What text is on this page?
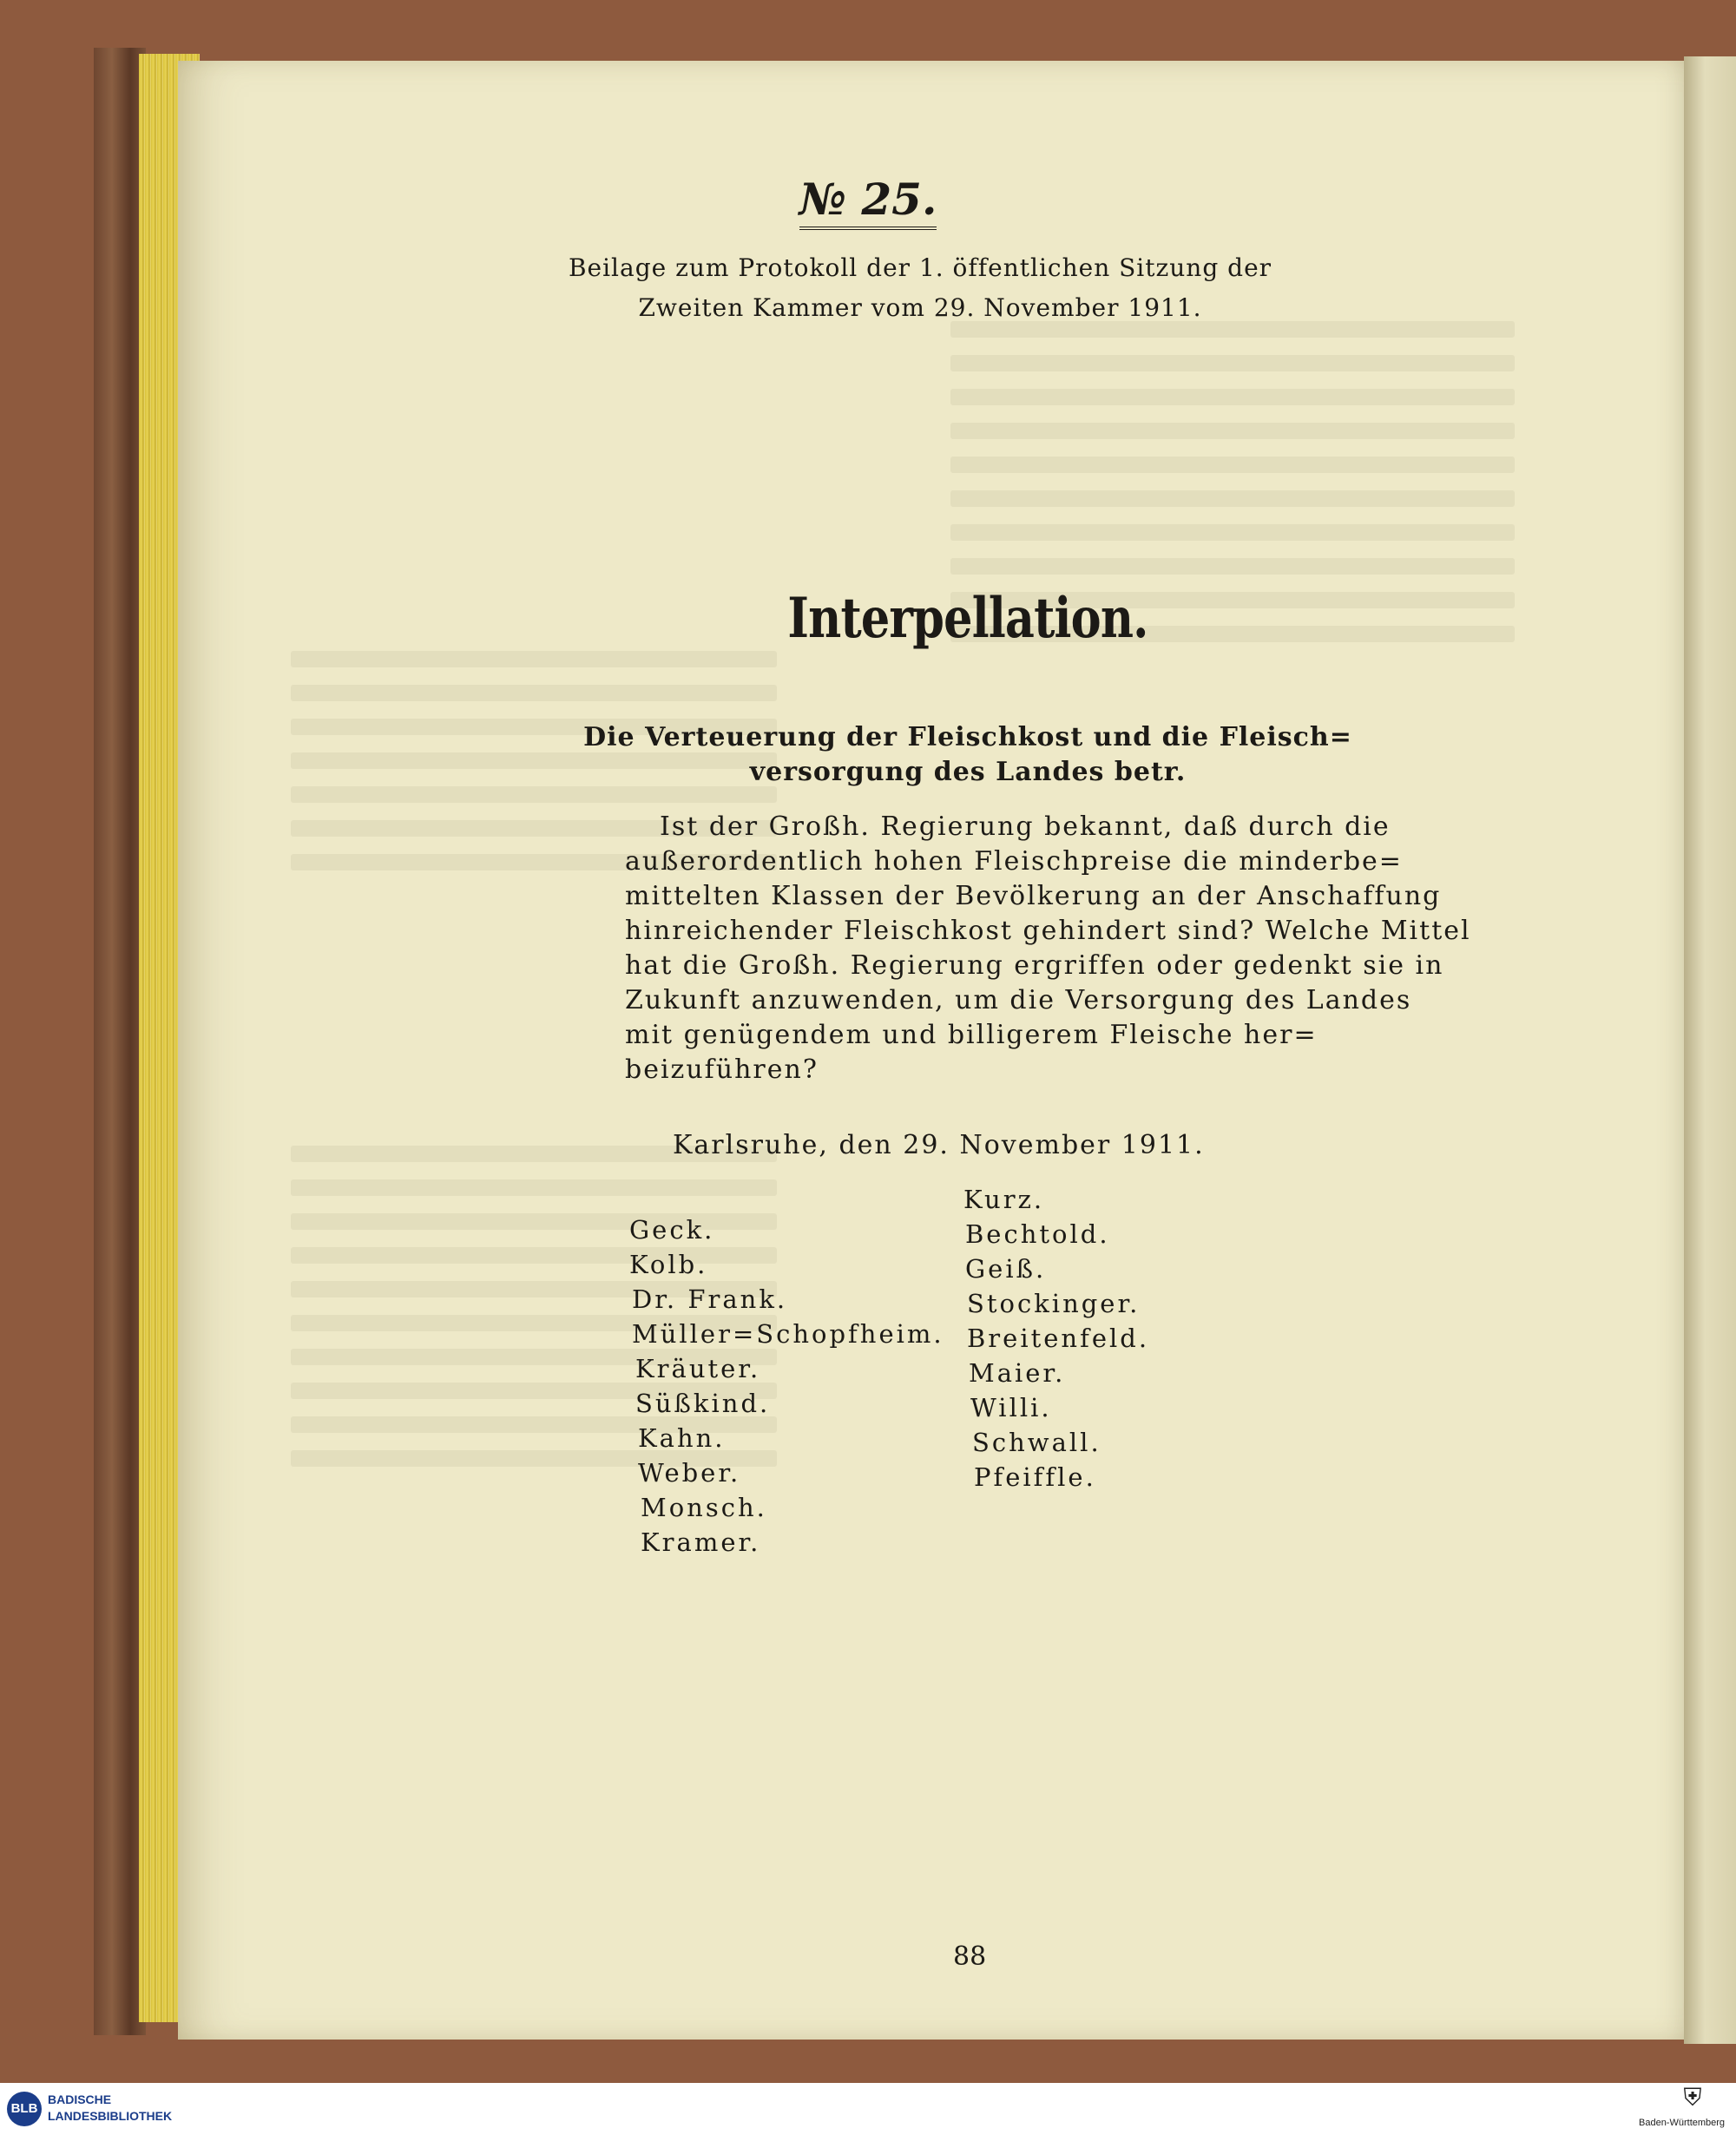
№ 25.
Beilage zum Protokoll der 1. öffentlichen Sitzung der
Zweiten Kammer vom 29. November 1911.
Interpellation.
Die Verteuerung der Fleischkost und die Fleisch=
versorgung des Landes betr.
Ist der Großh. Regierung bekannt, daß durch die
außerordentlich hohen Fleischpreise die minderbe=
mittelten Klassen der Bevölkerung an der Anschaffung
hinreichender Fleischkost gehindert sind? Welche Mittel
hat die Großh. Regierung ergriffen oder gedenkt sie in
Zukunft anzuwenden, um die Versorgung des Landes
mit genügendem und billigerem Fleische her=
beizuführen?
Karlsruhe, den 29. November 1911.
Geck.
Kolb.
Dr. Frank.
Müller=Schopfheim.
Kräuter.
Süßkind.
Kahn.
Weber.
Monsch.
Kramer.
Kurz.
Bechtold.
Geiß.
Stockinger.
Breitenfeld.
Maier.
Willi.
Schwall.
Pfeiffle.
88
BLB
BADISCHE
LANDESBIBLIOTHEK
⛨
Baden-Württemberg
